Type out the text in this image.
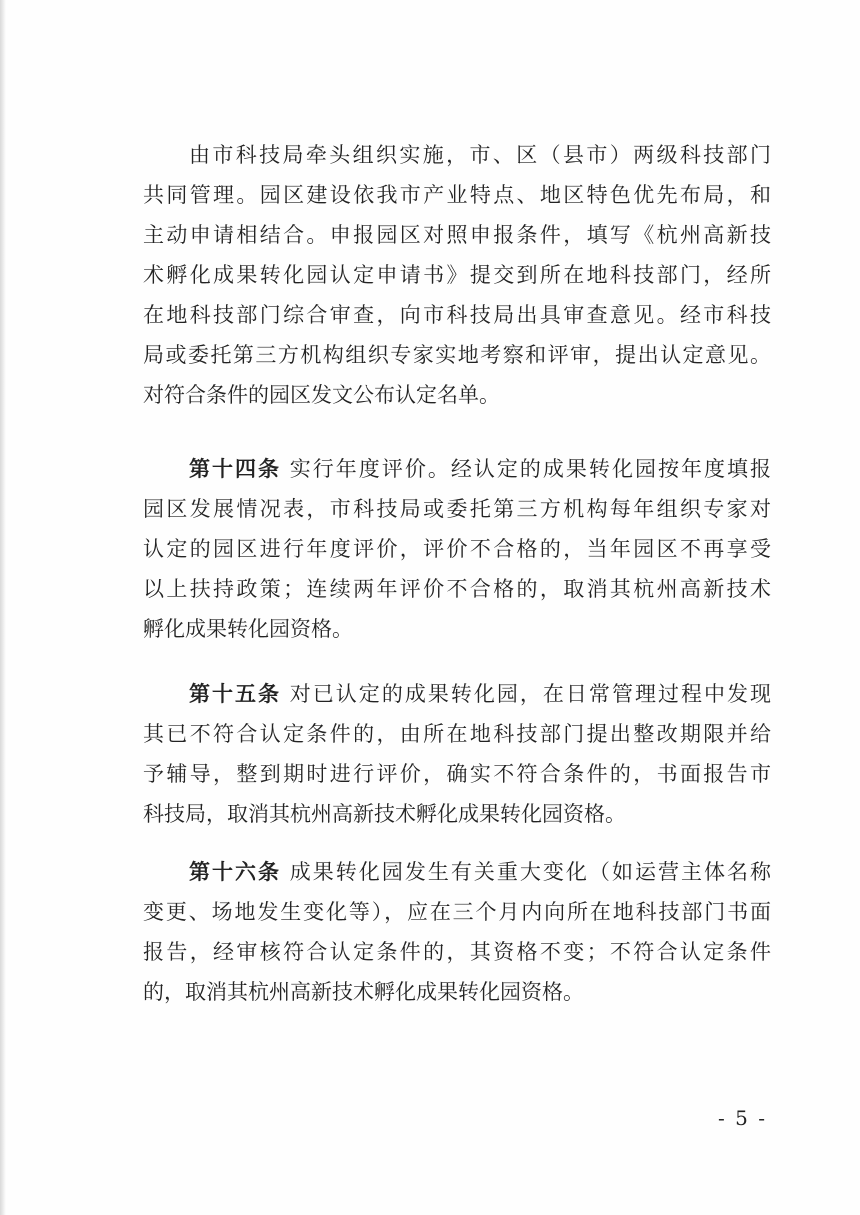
由市科技局牵头组织实施，市、区（县市）两级科技部门
共同管理。园区建设依我市产业特点、地区特色优先布局，和
主动申请相结合。申报园区对照申报条件，填写《杭州高新技
术孵化成果转化园认定申请书》提交到所在地科技部门，经所
在地科技部门综合审查，向市科技局出具审查意见。经市科技
局或委托第三方机构组织专家实地考察和评审，提出认定意见。
对符合条件的园区发文公布认定名单。
第十四条 实行年度评价。经认定的成果转化园按年度填报
园区发展情况表，市科技局或委托第三方机构每年组织专家对
认定的园区进行年度评价，评价不合格的，当年园区不再享受
以上扶持政策；连续两年评价不合格的，取消其杭州高新技术
孵化成果转化园资格。
第十五条 对已认定的成果转化园，在日常管理过程中发现
其已不符合认定条件的，由所在地科技部门提出整改期限并给
予辅导，整到期时进行评价，确实不符合条件的，书面报告市
科技局，取消其杭州高新技术孵化成果转化园资格。
第十六条 成果转化园发生有关重大变化（如运营主体名称
变更、场地发生变化等），应在三个月内向所在地科技部门书面
报告，经审核符合认定条件的，其资格不变；不符合认定条件
的，取消其杭州高新技术孵化成果转化园资格。
- 5 -
